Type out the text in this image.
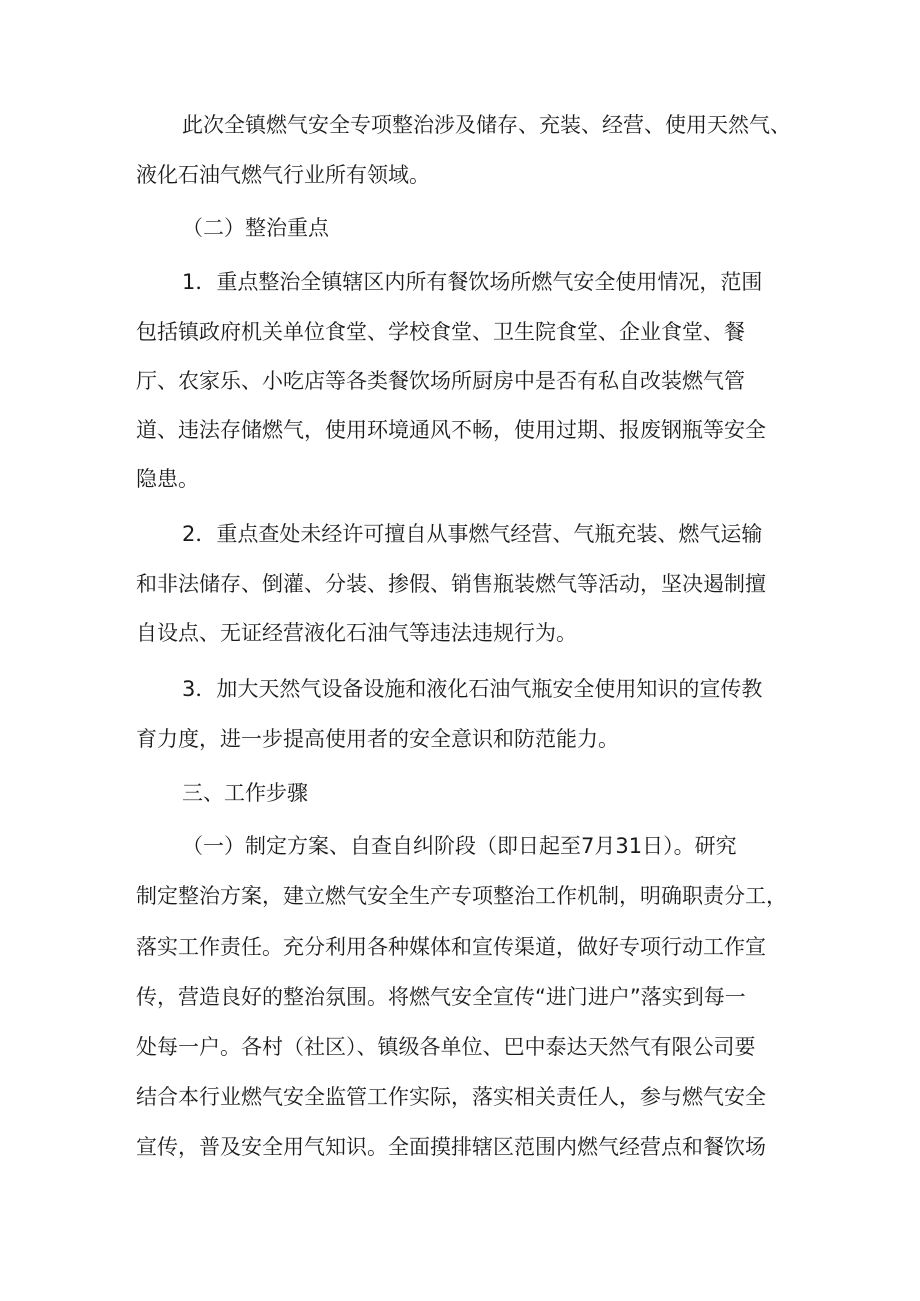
此次全镇燃气安全专项整治涉及储存、充装、经营、使用天然气、
液化石油气燃气行业所有领域。
（二）整治重点
1．重点整治全镇辖区内所有餐饮场所燃气安全使用情况，范围
包括镇政府机关单位食堂、学校食堂、卫生院食堂、企业食堂、餐
厅、农家乐、小吃店等各类餐饮场所厨房中是否有私自改装燃气管
道、违法存储燃气，使用环境通风不畅，使用过期、报废钢瓶等安全
隐患。
2．重点查处未经许可擅自从事燃气经营、气瓶充装、燃气运输
和非法储存、倒灌、分装、掺假、销售瓶装燃气等活动，坚决遏制擅
自设点、无证经营液化石油气等违法违规行为。
3．加大天然气设备设施和液化石油气瓶安全使用知识的宣传教
育力度，进一步提高使用者的安全意识和防范能力。
三、工作步骤
（一）制定方案、自查自纠阶段（即日起至7月31日）。研究
制定整治方案，建立燃气安全生产专项整治工作机制，明确职责分工，
落实工作责任。充分利用各种媒体和宣传渠道，做好专项行动工作宣
传，营造良好的整治氛围。将燃气安全宣传“进门进户”落实到每一
处每一户。各村（社区）、镇级各单位、巴中泰达天然气有限公司要
结合本行业燃气安全监管工作实际，落实相关责任人，参与燃气安全
宣传，普及安全用气知识。全面摸排辖区范围内燃气经营点和餐饮场
